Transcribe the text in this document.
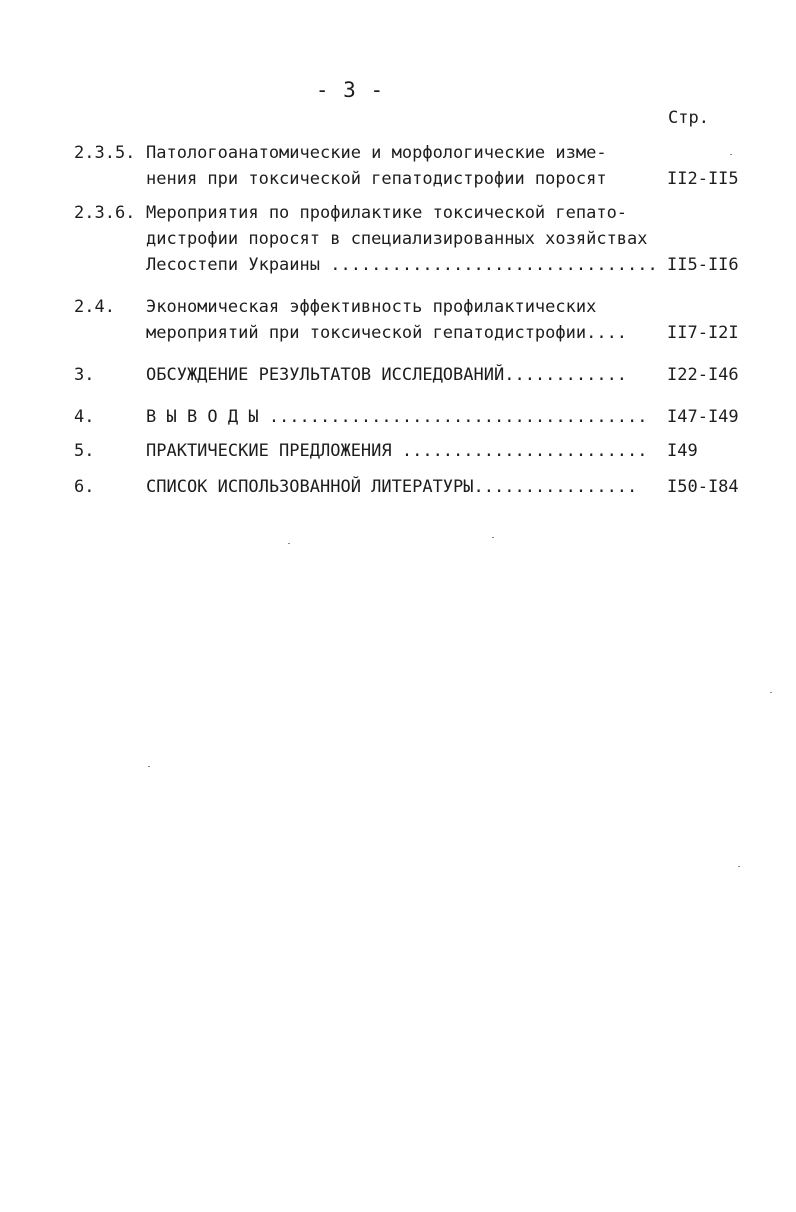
- 3 -
Стр.
2.3.5. Патологоанатомические и морфологические изме-
нения при токсической гепатодистрофии поросят	II2-II5
2.3.6. Мероприятия по профилактике токсической гепато-
дистрофии поросят в специализированных хозяйствах
Лесостепи Украины ................................ II5-II6
2.4. Экономическая эффективность профилактических
мероприятий при токсической гепатодистрофии....	II7-I2I
3.	ОБСУЖДЕНИЕ РЕЗУЛЬТАТОВ ИССЛЕДОВАНИЙ............	I22-I46
4.	В Ы В О Д Ы .....................................	I47-I49
5.	ПРАКТИЧЕСКИЕ ПРЕДЛОЖЕНИЯ ........................	I49
6.	СПИСОК ИСПОЛЬЗОВАННОЙ ЛИТЕРАТУРЫ................	I50-I84
